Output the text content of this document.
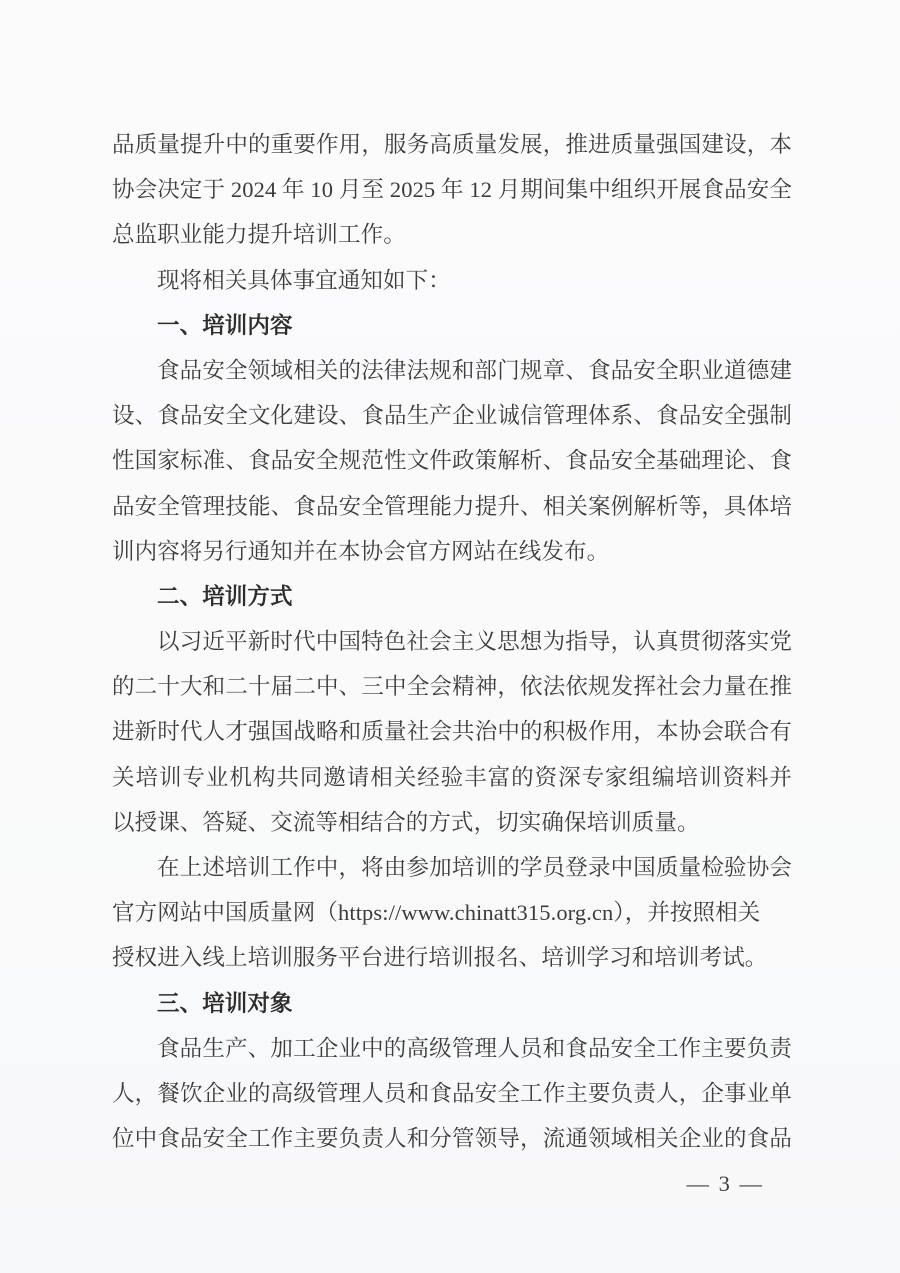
品质量提升中的重要作用，服务高质量发展，推进质量强国建设，本
协会决定于 2024 年 10 月至 2025 年 12 月期间集中组织开展食品安全
总监职业能力提升培训工作。
现将相关具体事宜通知如下：
一、培训内容
食品安全领域相关的法律法规和部门规章、食品安全职业道德建
设、食品安全文化建设、食品生产企业诚信管理体系、食品安全强制
性国家标准、食品安全规范性文件政策解析、食品安全基础理论、食
品安全管理技能、食品安全管理能力提升、相关案例解析等，具体培
训内容将另行通知并在本协会官方网站在线发布。
二、培训方式
以习近平新时代中国特色社会主义思想为指导，认真贯彻落实党
的二十大和二十届二中、三中全会精神，依法依规发挥社会力量在推
进新时代人才强国战略和质量社会共治中的积极作用，本协会联合有
关培训专业机构共同邀请相关经验丰富的资深专家组编培训资料并
以授课、答疑、交流等相结合的方式，切实确保培训质量。
在上述培训工作中，将由参加培训的学员登录中国质量检验协会
官方网站中国质量网（https://www.chinatt315.org.cn），并按照相关
授权进入线上培训服务平台进行培训报名、培训学习和培训考试。
三、培训对象
食品生产、加工企业中的高级管理人员和食品安全工作主要负责
人，餐饮企业的高级管理人员和食品安全工作主要负责人，企事业单
位中食品安全工作主要负责人和分管领导，流通领域相关企业的食品
— 3 —
